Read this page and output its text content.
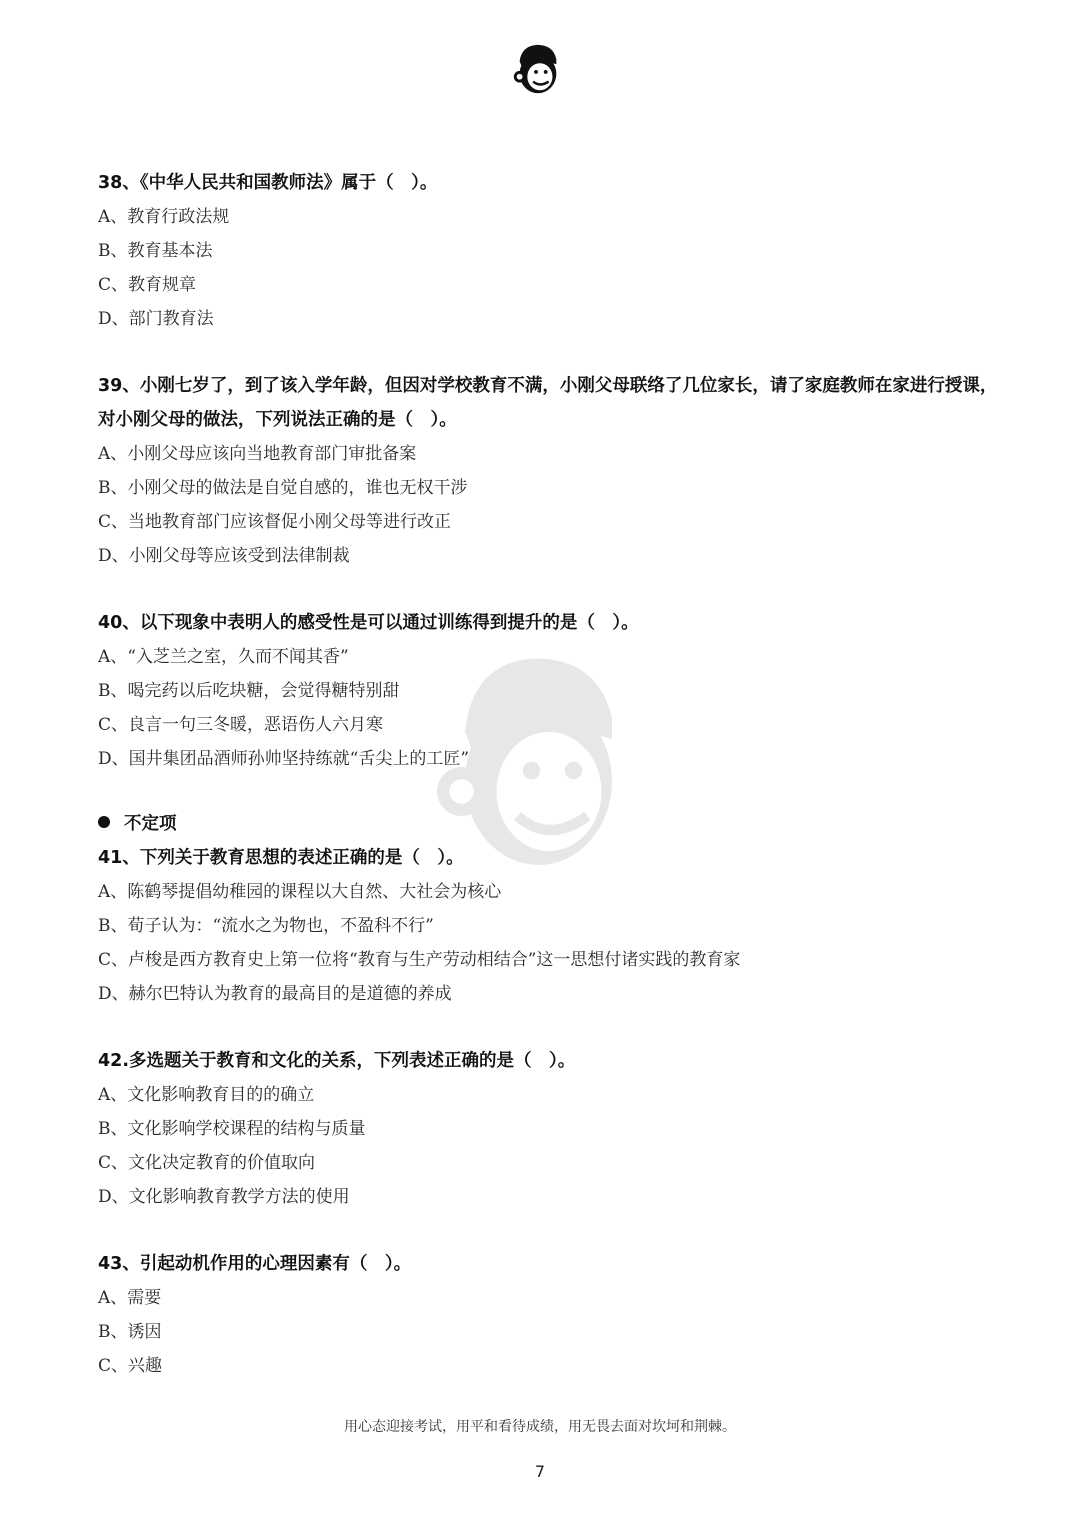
38、《中华人民共和国教师法》属于（　）。
A、教育行政法规
B、教育基本法
C、教育规章
D、部门教育法
39、小刚七岁了，到了该入学年龄，但因对学校教育不满，小刚父母联络了几位家长，请了家庭教师在家进行授课，对小刚父母的做法，下列说法正确的是（　）。
A、小刚父母应该向当地教育部门审批备案
B、小刚父母的做法是自觉自感的，谁也无权干涉
C、当地教育部门应该督促小刚父母等进行改正
D、小刚父母等应该受到法律制裁
40、以下现象中表明人的感受性是可以通过训练得到提升的是（　）。
A、“入芝兰之室，久而不闻其香”
B、喝完药以后吃块糖，会觉得糖特别甜
C、良言一句三冬暖，恶语伤人六月寒
D、国井集团品酒师孙帅坚持练就“舌尖上的工匠”
不定项
41、下列关于教育思想的表述正确的是（　）。
A、陈鹤琴提倡幼稚园的课程以大自然、大社会为核心
B、荀子认为：“流水之为物也，不盈科不行”
C、卢梭是西方教育史上第一位将“教育与生产劳动相结合”这一思想付诸实践的教育家
D、赫尔巴特认为教育的最高目的是道德的养成
42.多选题关于教育和文化的关系，下列表述正确的是（　）。
A、文化影响教育目的的确立
B、文化影响学校课程的结构与质量
C、文化决定教育的价值取向
D、文化影响教育教学方法的使用
43、引起动机作用的心理因素有（　）。
A、需要
B、诱因
C、兴趣
用心态迎接考试，用平和看待成绩，用无畏去面对坎坷和荆棘。
7
